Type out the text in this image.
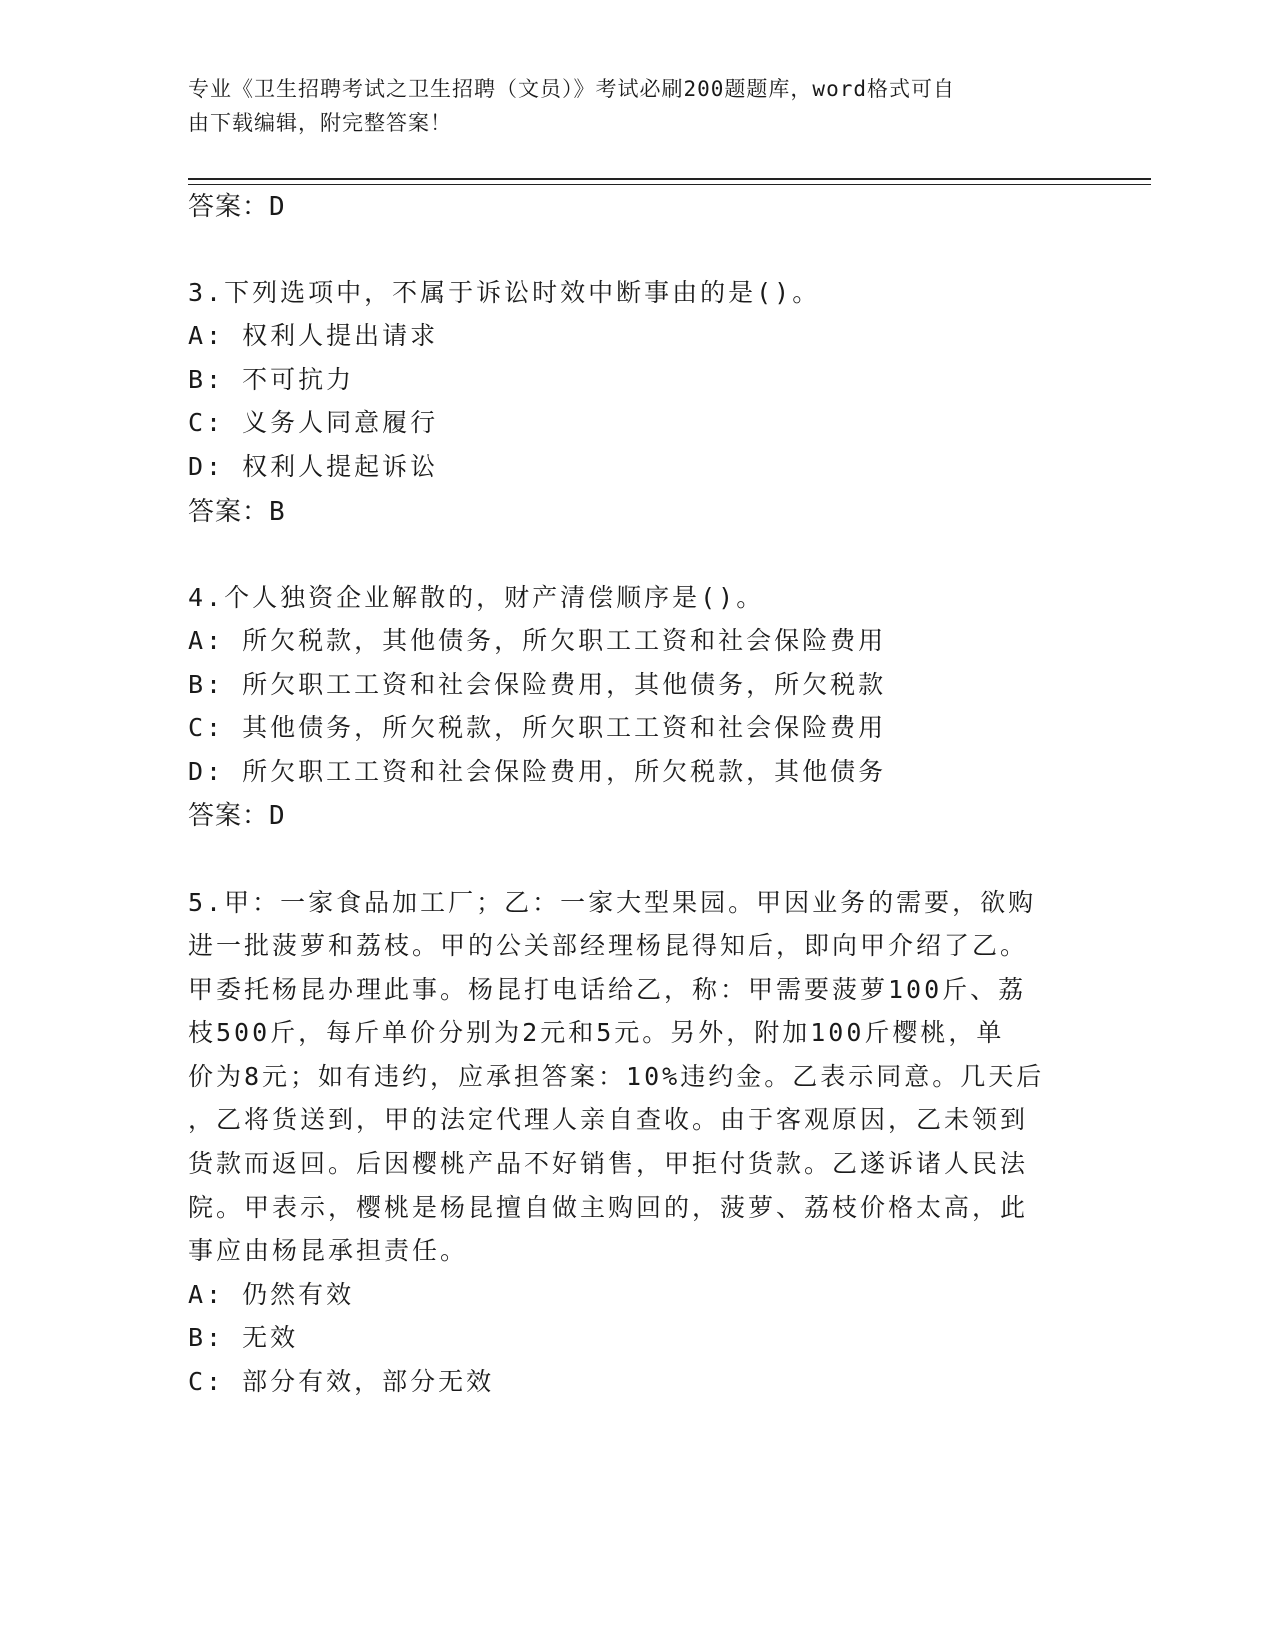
专业《卫生招聘考试之卫生招聘（文员）》考试必刷200题题库，word格式可自
由下载编辑，附完整答案！
答案：D
3.下列选项中，不属于诉讼时效中断事由的是()。
A: 权利人提出请求
B: 不可抗力
C: 义务人同意履行
D: 权利人提起诉讼
答案：B
4.个人独资企业解散的，财产清偿顺序是()。
A: 所欠税款，其他债务，所欠职工工资和社会保险费用
B: 所欠职工工资和社会保险费用，其他债务，所欠税款
C: 其他债务，所欠税款，所欠职工工资和社会保险费用
D: 所欠职工工资和社会保险费用，所欠税款，其他债务
答案：D
5.甲：一家食品加工厂；乙：一家大型果园。甲因业务的需要，欲购
进一批菠萝和荔枝。甲的公关部经理杨昆得知后，即向甲介绍了乙。
甲委托杨昆办理此事。杨昆打电话给乙，称：甲需要菠萝100斤、荔
枝500斤，每斤单价分别为2元和5元。另外，附加100斤樱桃，单
价为8元；如有违约，应承担答案：10%违约金。乙表示同意。几天后
，乙将货送到，甲的法定代理人亲自查收。由于客观原因，乙未领到
货款而返回。后因樱桃产品不好销售，甲拒付货款。乙遂诉诸人民法
院。甲表示，樱桃是杨昆擅自做主购回的，菠萝、荔枝价格太高，此
事应由杨昆承担责任。
A: 仍然有效
B: 无效
C: 部分有效，部分无效
